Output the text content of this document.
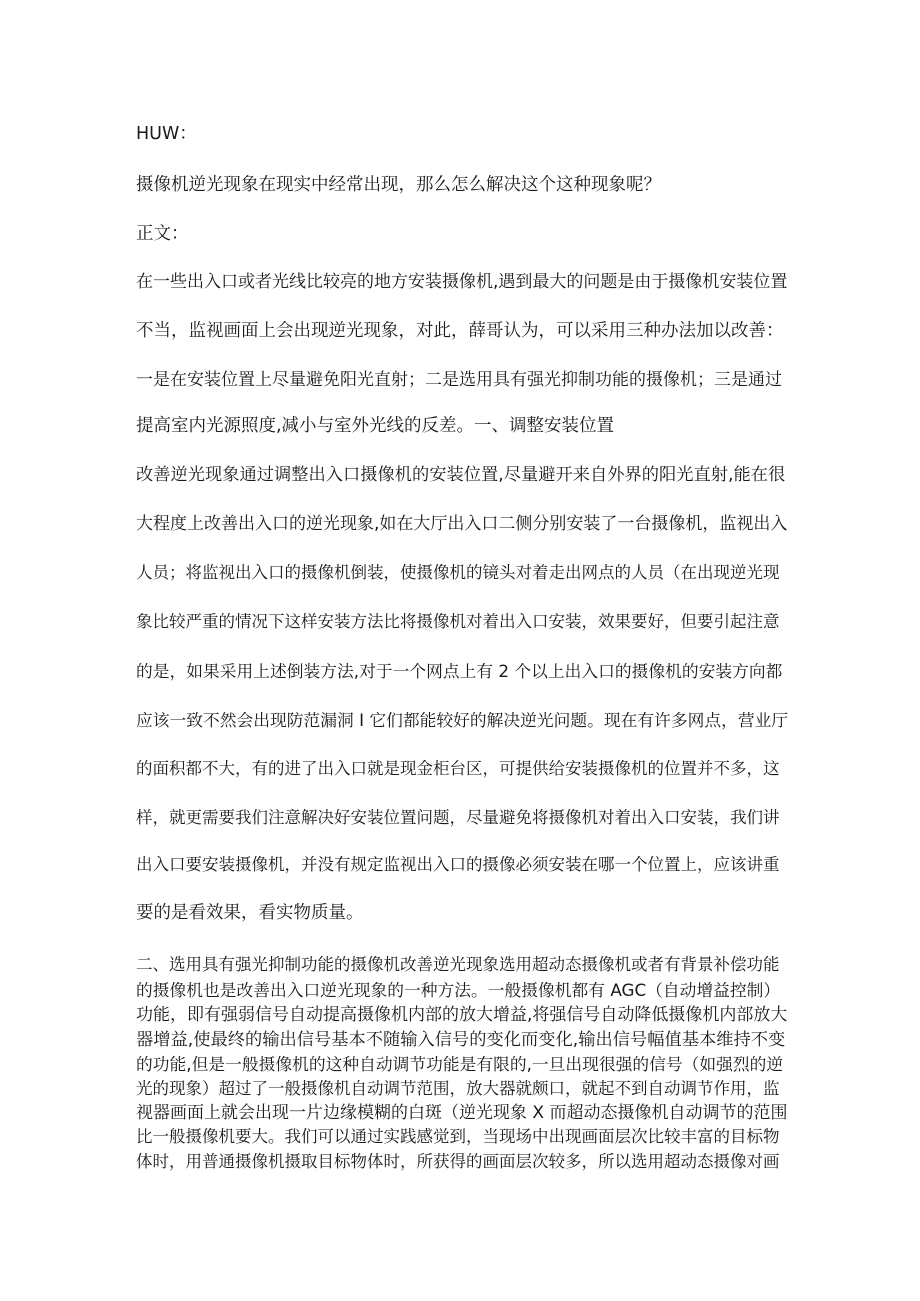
HUW：

摄像机逆光现象在现实中经常出现，那么怎么解决这个这种现象呢？

正文：

在一些出入口或者光线比较亮的地方安装摄像机,遇到最大的问题是由于摄像机安装位置

不当，监视画面上会出现逆光现象，对此，薛哥认为，可以采用三种办法加以改善：

一是在安装位置上尽量避免阳光直射；二是选用具有强光抑制功能的摄像机；三是通过

提高室内光源照度,减小与室外光线的反差。一、调整安装位置

改善逆光现象通过调整出入口摄像机的安装位置,尽量避开来自外界的阳光直射,能在很

大程度上改善出入口的逆光现象,如在大厅出入口二侧分别安装了一台摄像机，监视出入

人员；将监视出入口的摄像机倒装，使摄像机的镜头对着走出网点的人员（在出现逆光现

象比较严重的情况下这样安装方法比将摄像机对着出入口安装，效果要好，但要引起注意

的是，如果采用上述倒装方法,对于一个网点上有 2 个以上出入口的摄像机的安装方向都

应该一致不然会出现防范漏洞 I 它们都能较好的解决逆光问题。现在有许多网点，营业厅

的面积都不大，有的进了出入口就是现金柜台区，可提供给安装摄像机的位置并不多，这

样，就更需要我们注意解决好安装位置问题，尽量避免将摄像机对着出入口安装，我们讲

出入口要安装摄像机，并没有规定监视出入口的摄像必须安装在哪一个位置上，应该讲重

要的是看效果，看实物质量。

二、选用具有强光抑制功能的摄像机改善逆光现象选用超动态摄像机或者有背景补偿功能

的摄像机也是改善出入口逆光现象的一种方法。一般摄像机都有 AGC（自动增益控制）

功能，即有强弱信号自动提高摄像机内部的放大增益,将强信号自动降低摄像机内部放大

器增益,使最终的输出信号基本不随输入信号的变化而变化,输出信号幅值基本维持不变

的功能,但是一般摄像机的这种自动调节功能是有限的,一旦出现很强的信号（如强烈的逆

光的现象）超过了一般摄像机自动调节范围，放大器就颇口，就起不到自动调节作用，监

视器画面上就会出现一片边缘模糊的白斑（逆光现象 X 而超动态摄像机自动调节的范围

比一般摄像机要大。我们可以通过实践感觉到，当现场中出现画面层次比较丰富的目标物

体时，用普通摄像机摄取目标物体时，所获得的画面层次较多，所以选用超动态摄像对画
